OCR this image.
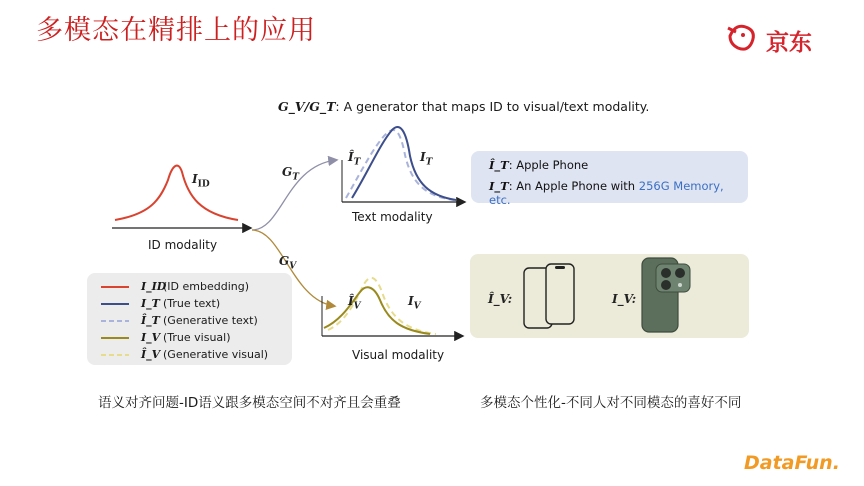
多模态在精排上的应用	京东
G_V/G_T: A generator that maps ID to visual/text modality.
$I_{ID}$
ID modality
$G_T$
$G_V$
$Î_T$	$I_T$
Text modality
$Î_V$	$I_V$
Visual modality
I_ID
(ID embedding)
I_T (True text)
Î_T (Generative text)
I_V (True visual)
Î_V (Generative visual)
Î_T: Apple Phone
I_T: An Apple Phone with 256G Memory, etc.
Î_V:	I_V:
语义对齐问题-ID语义跟多模态空间不对齐且会重叠	多模态个性化-不同人对不同模态的喜好不同
DataFun.
